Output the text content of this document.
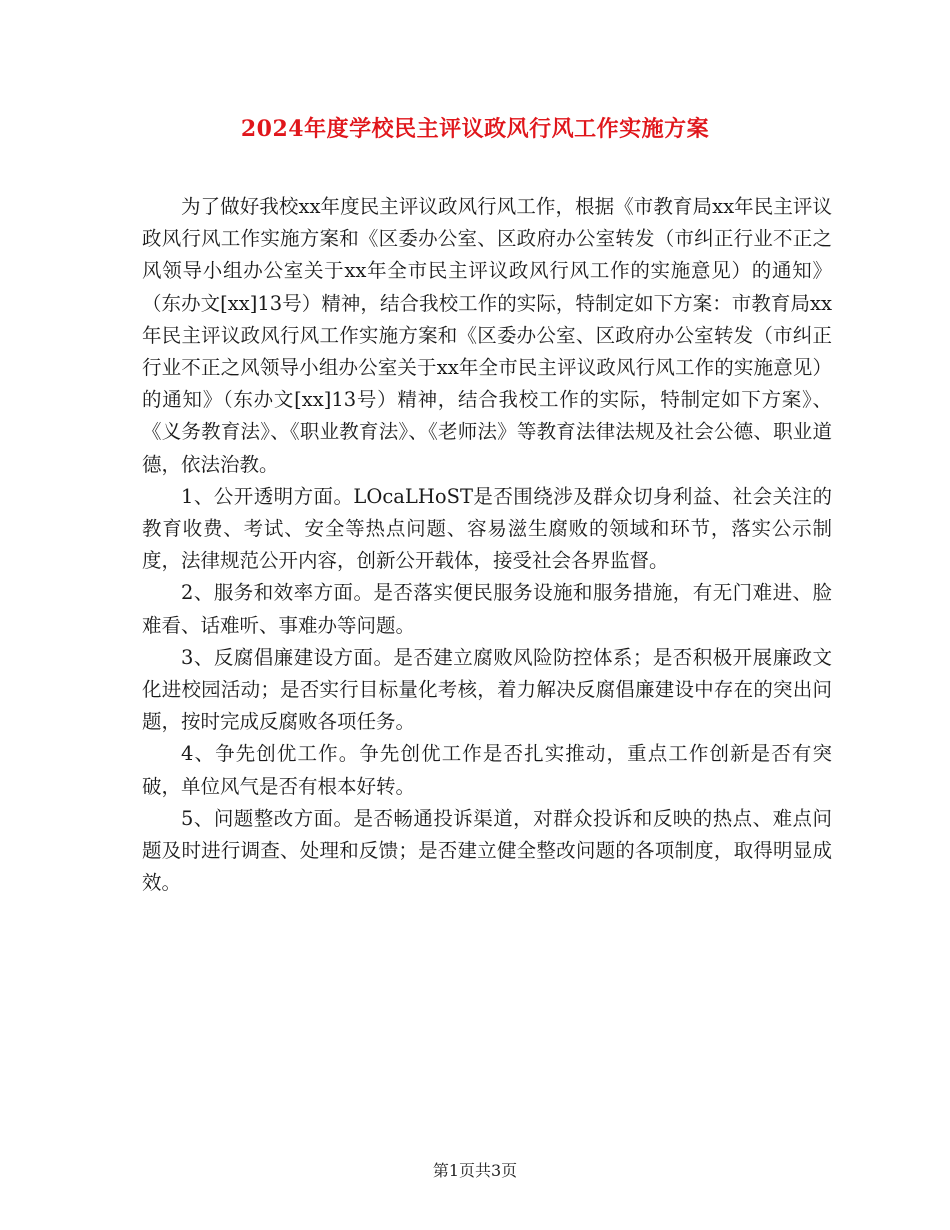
2024年度学校民主评议政风行风工作实施方案

为了做好我校xx年度民主评议政风行风工作，根据《市教育局xx年民主评议政风行风工作实施方案和《区委办公室、区政府办公室转发（市纠正行业不正之风领导小组办公室关于xx年全市民主评议政风行风工作的实施意见）的通知》（东办文[xx]13号）精神，结合我校工作的实际，特制定如下方案：市教育局xx年民主评议政风行风工作实施方案和《区委办公室、区政府办公室转发（市纠正行业不正之风领导小组办公室关于xx年全市民主评议政风行风工作的实施意见）的通知》（东办文[xx]13号）精神，结合我校工作的实际，特制定如下方案》、《义务教育法》、《职业教育法》、《老师法》等教育法律法规及社会公德、职业道德，依法治教。

1、公开透明方面。LOcaLHoST是否围绕涉及群众切身利益、社会关注的教育收费、考试、安全等热点问题、容易滋生腐败的领域和环节，落实公示制度，法律规范公开内容，创新公开载体，接受社会各界监督。

2、服务和效率方面。是否落实便民服务设施和服务措施，有无门难进、脸难看、话难听、事难办等问题。

3、反腐倡廉建设方面。是否建立腐败风险防控体系；是否积极开展廉政文化进校园活动；是否实行目标量化考核，着力解决反腐倡廉建设中存在的突出问题，按时完成反腐败各项任务。

4、争先创优工作。争先创优工作是否扎实推动，重点工作创新是否有突破，单位风气是否有根本好转。

5、问题整改方面。是否畅通投诉渠道，对群众投诉和反映的热点、难点问题及时进行调查、处理和反馈；是否建立健全整改问题的各项制度，取得明显成效。

第1页共3页
